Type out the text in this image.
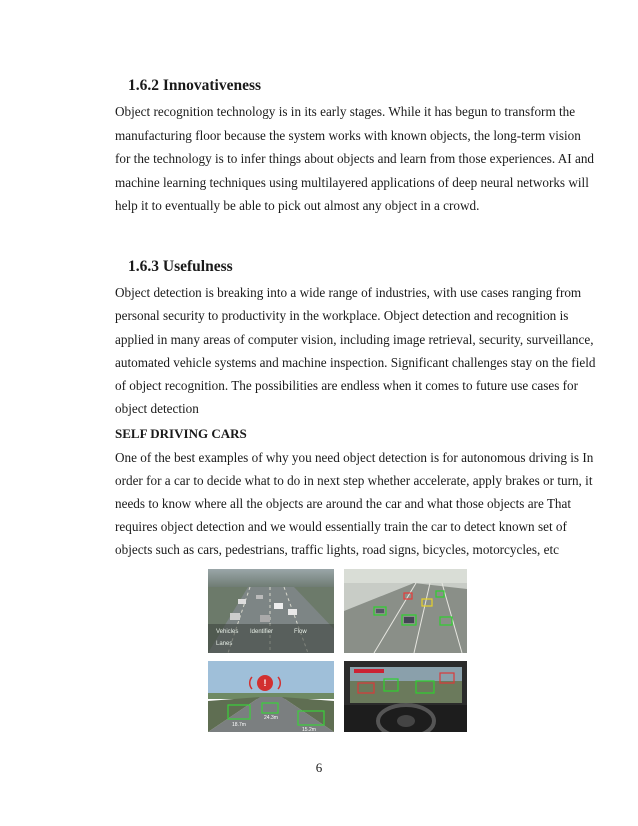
1.6.2 Innovativeness
Object recognition technology is in its early stages. While it has begun to transform the
manufacturing floor because the system works with known objects, the long-term vision
for the technology is to infer things about objects and learn from those experiences. AI and
machine learning techniques using multilayered applications of deep neural networks will
help it to eventually be able to pick out almost any object in a crowd.
1.6.3 Usefulness
Object detection is breaking into a wide range of industries, with use cases ranging from
personal security to productivity in the workplace. Object detection and recognition is
applied in many areas of computer vision, including image retrieval, security, surveillance,
automated vehicle systems and machine inspection. Significant challenges stay on the field
of object recognition. The possibilities are endless when it comes to future use cases for
object detection
SELF DRIVING CARS
One of the best examples of why you need object detection is for autonomous driving is In
order for a car to decide what to do in next step whether accelerate, apply brakes or turn, it
needs to know where all the objects are around the car and what those objects are That
requires object detection and we would essentially train the car to detect known set of
objects such as cars, pedestrians, traffic lights, road signs, bicycles, motorcycles, etc
Vehicles Identifier	Flow
Lanes
!
18.7m
24.3m
15.2m
6
